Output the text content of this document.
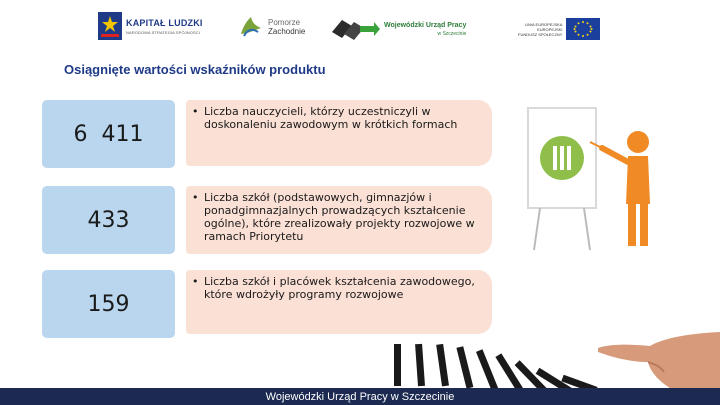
KAPITAŁ LUDZKI
NARODOWA STRATEGIA SPÓJNOŚCI
Pomorze
Zachodnie
Wojewódzki Urząd Pracy
w Szczecinie
UNIA EUROPEJSKA
EUROPEJSKI
FUNDUSZ SPOŁECZNY
Osiągnięte wartości wskaźników produktu
6  411
• Liczba nauczycieli, którzy uczestniczyli w doskonaleniu zawodowym w krótkich formach
433
• Liczba szkół (podstawowych, gimnazjów i ponadgimnazjalnych prowadzących kształcenie ogólne), które zrealizowały projekty rozwojowe w ramach Priorytetu
159
• Liczba szkół i placówek kształcenia zawodowego, które wdrożyły programy rozwojowe
Wojewódzki Urząd Pracy w Szczecinie
